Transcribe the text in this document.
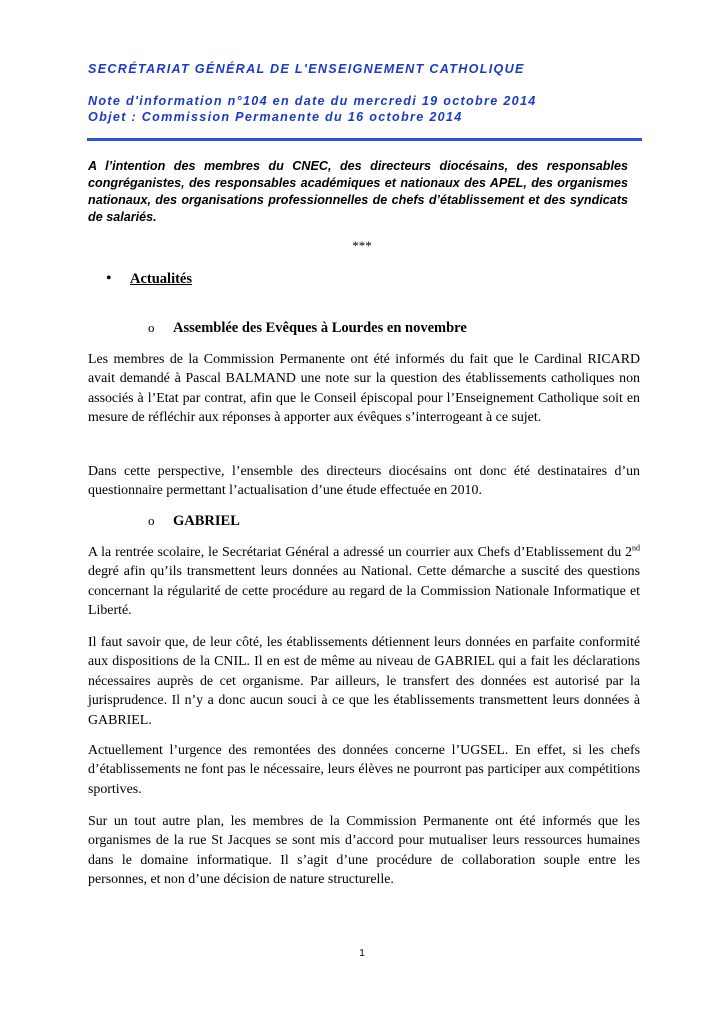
SECRÉTARIAT GÉNÉRAL DE L'ENSEIGNEMENT CATHOLIQUE
Note d'information n°104 en date du mercredi 19 octobre 2014
Objet : Commission Permanente du 16 octobre 2014
A l’intention des membres du CNEC, des directeurs diocésains, des responsables congréganistes, des responsables académiques et nationaux des APEL, des organismes nationaux, des organisations professionnelles de chefs d’établissement et des syndicats de salariés.
***
• Actualités
o Assemblée des Evêques à Lourdes en novembre

Les membres de la Commission Permanente ont été informés du fait que le Cardinal RICARD avait demandé à Pascal BALMAND une note sur la question des établissements catholiques non associés à l’Etat par contrat, afin que le Conseil épiscopal pour l’Enseignement Catholique soit en mesure de réfléchir aux réponses à apporter aux évêques s’interrogeant à ce sujet.

Dans cette perspective, l’ensemble des directeurs diocésains ont donc été destinataires d’un questionnaire permettant l’actualisation d’une étude effectuée en 2010.

o GABRIEL

A la rentrée scolaire, le Secrétariat Général a adressé un courrier aux Chefs d’Etablissement du 2nd degré afin qu’ils transmettent leurs données au National. Cette démarche a suscité des questions concernant la régularité de cette procédure au regard de la Commission Nationale Informatique et Liberté.

Il faut savoir que, de leur côté, les établissements détiennent leurs données en parfaite conformité aux dispositions de la CNIL. Il en est de même au niveau de GABRIEL qui a fait les déclarations nécessaires auprès de cet organisme. Par ailleurs, le transfert des données est autorisé par la jurisprudence. Il n’y a donc aucun souci à ce que les établissements transmettent leurs données à GABRIEL.

Actuellement l’urgence des remontées des données concerne l’UGSEL. En effet, si les chefs d’établissements ne font pas le nécessaire, leurs élèves ne pourront pas participer aux compétitions sportives.

Sur un tout autre plan, les membres de la Commission Permanente ont été informés que les organismes de la rue St Jacques se sont mis d’accord pour mutualiser leurs ressources humaines dans le domaine informatique. Il s’agit d’une procédure de collaboration souple entre les personnes, et non d’une décision de nature structurelle.

1
